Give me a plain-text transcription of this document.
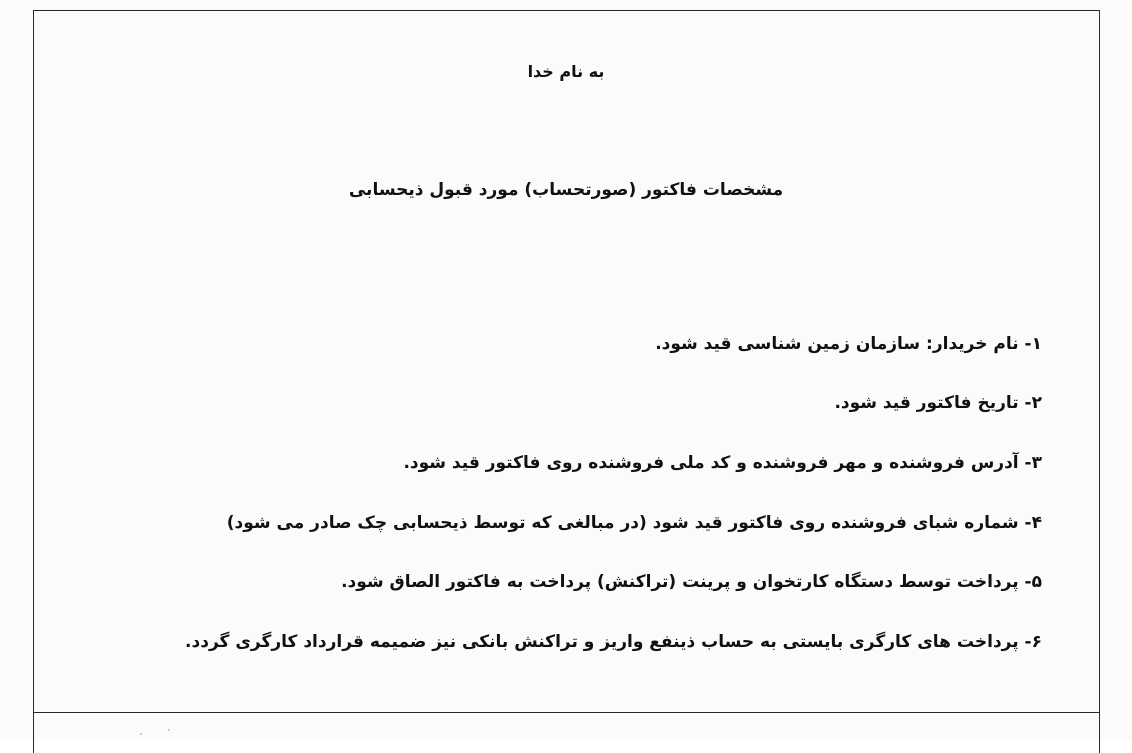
به نام خدا
مشخصات فاکتور (صورتحساب) مورد قبول ذیحسابی
۱- نام خریدار: سازمان زمین شناسی قید شود.
۲- تاریخ فاکتور قید شود.
۳- آدرس فروشنده و مهر فروشنده و کد ملی فروشنده روی فاکتور قید شود.
۴- شماره شبای فروشنده روی فاکتور قید شود (در مبالغی که توسط ذیحسابی چک صادر می شود)
۵- پرداخت توسط دستگاه کارتخوان و پرینت (تراکنش) پرداخت به فاکتور الصاق شود.
۶- پرداخت های کارگری بایستی به حساب ذینفع واریز و تراکنش بانکی نیز ضمیمه قرارداد کارگری گردد.
